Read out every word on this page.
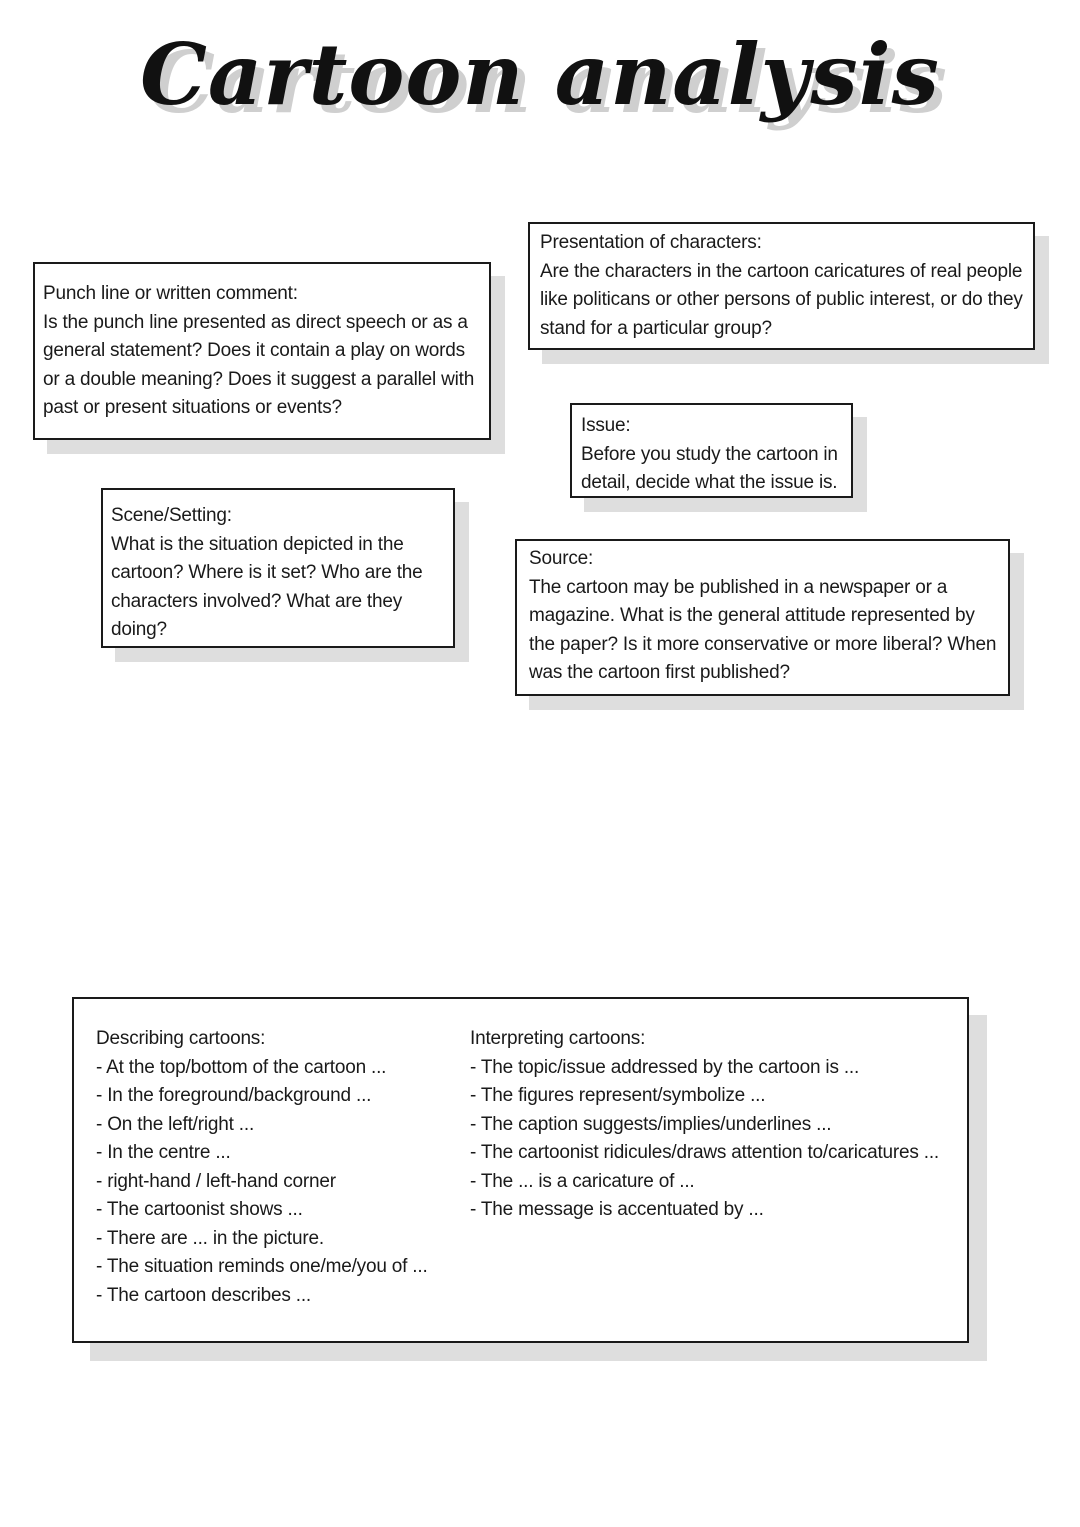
Cartoon analysis
Punch line or written comment:
Is the punch line presented as direct speech or as a general statement? Does it contain a play on words or a double meaning? Does it suggest a parallel with past or present situations or events?
Presentation of characters:
Are the characters in the cartoon caricatures of real people like politicans or other persons of public interest, or do they stand for a particular group?
Issue:
Before you study the cartoon in detail, decide what the issue is.
Scene/Setting:
What is the situation depicted in the cartoon? Where is it set? Who are the characters involved? What are they doing?
Source:
The cartoon may be published in a newspaper or a magazine. What is the general attitude represented by the paper? Is it more conservative or more liberal? When was the cartoon first published?
Describing cartoons:
- At the top/bottom of the cartoon ...
- In the foreground/background ...
- On the left/right ...
- In the centre ...
- right-hand / left-hand corner
- The cartoonist shows ...
- There are ... in the picture.
- The situation reminds one/me/you of ...
- The cartoon describes ...
Interpreting cartoons:
- The topic/issue addressed by the cartoon is ...
- The figures represent/symbolize ...
- The caption suggests/implies/underlines ...
- The cartoonist ridicules/draws attention to/caricatures ...
- The ... is a caricature of ...
- The message is accentuated by ...
